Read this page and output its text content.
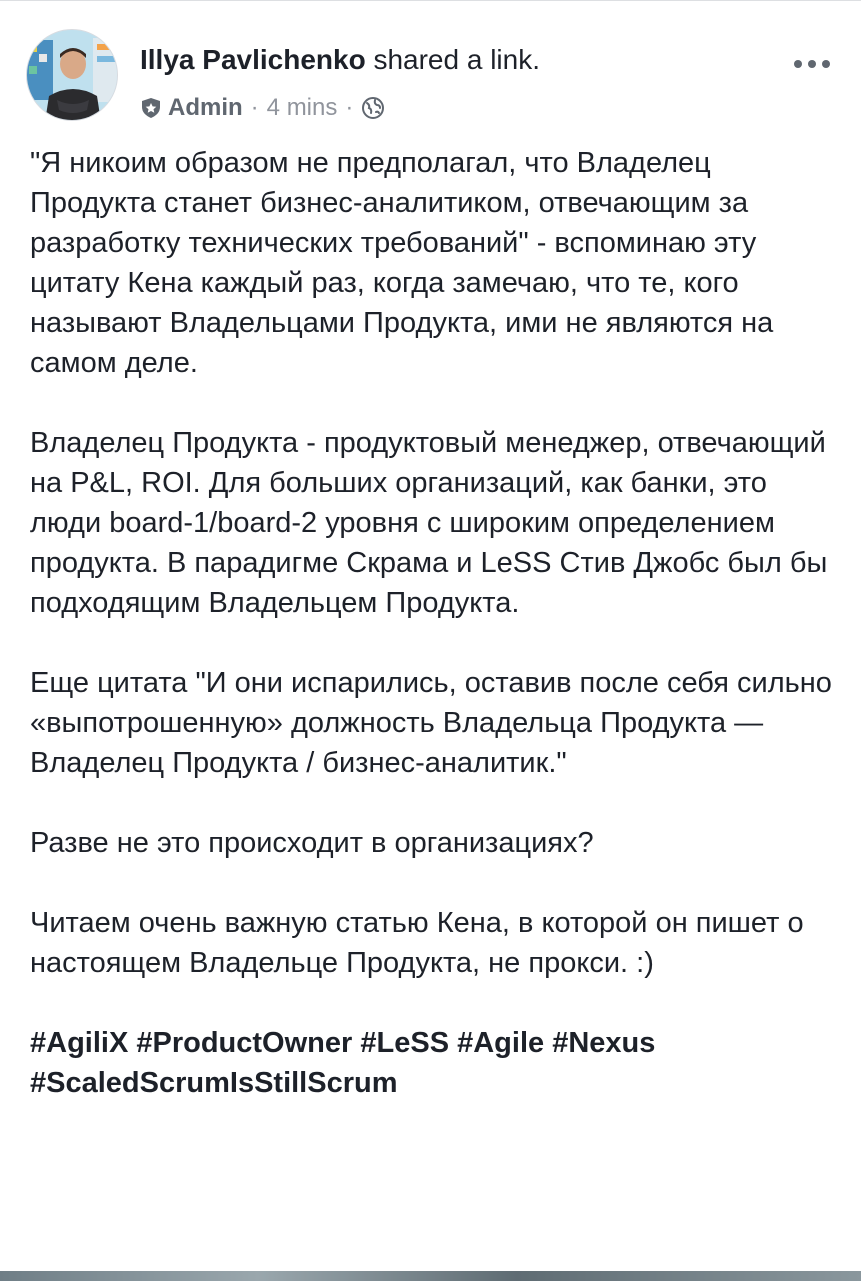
Illya Pavlichenko shared a link.
Admin · 4 mins ·

"Я никоим образом не предполагал, что Владелец Продукта станет бизнес-аналитиком, отвечающим за разработку технических требований" - вспоминаю эту цитату Кена каждый раз, когда замечаю, что те, кого называют Владельцами Продукта, ими не являются на самом деле.

Владелец Продукта - продуктовый менеджер, отвечающий на P&L, ROI. Для больших организаций, как банки, это люди board-1/board-2 уровня с широким определением продукта. В парадигме Скрама и LeSS Стив Джобс был бы подходящим Владельцем Продукта.

Еще цитата "И они испарились, оставив после себя сильно «выпотрошенную» должность Владельца Продукта — Владелец Продукта / бизнес-аналитик."

Разве не это происходит в организациях?

Читаем очень важную статью Кена, в которой он пишет о настоящем Владельце Продукта, не прокси. :)

#AgiliX #ProductOwner #LeSS #Agile #Nexus #ScaledScrumIsStillScrum
